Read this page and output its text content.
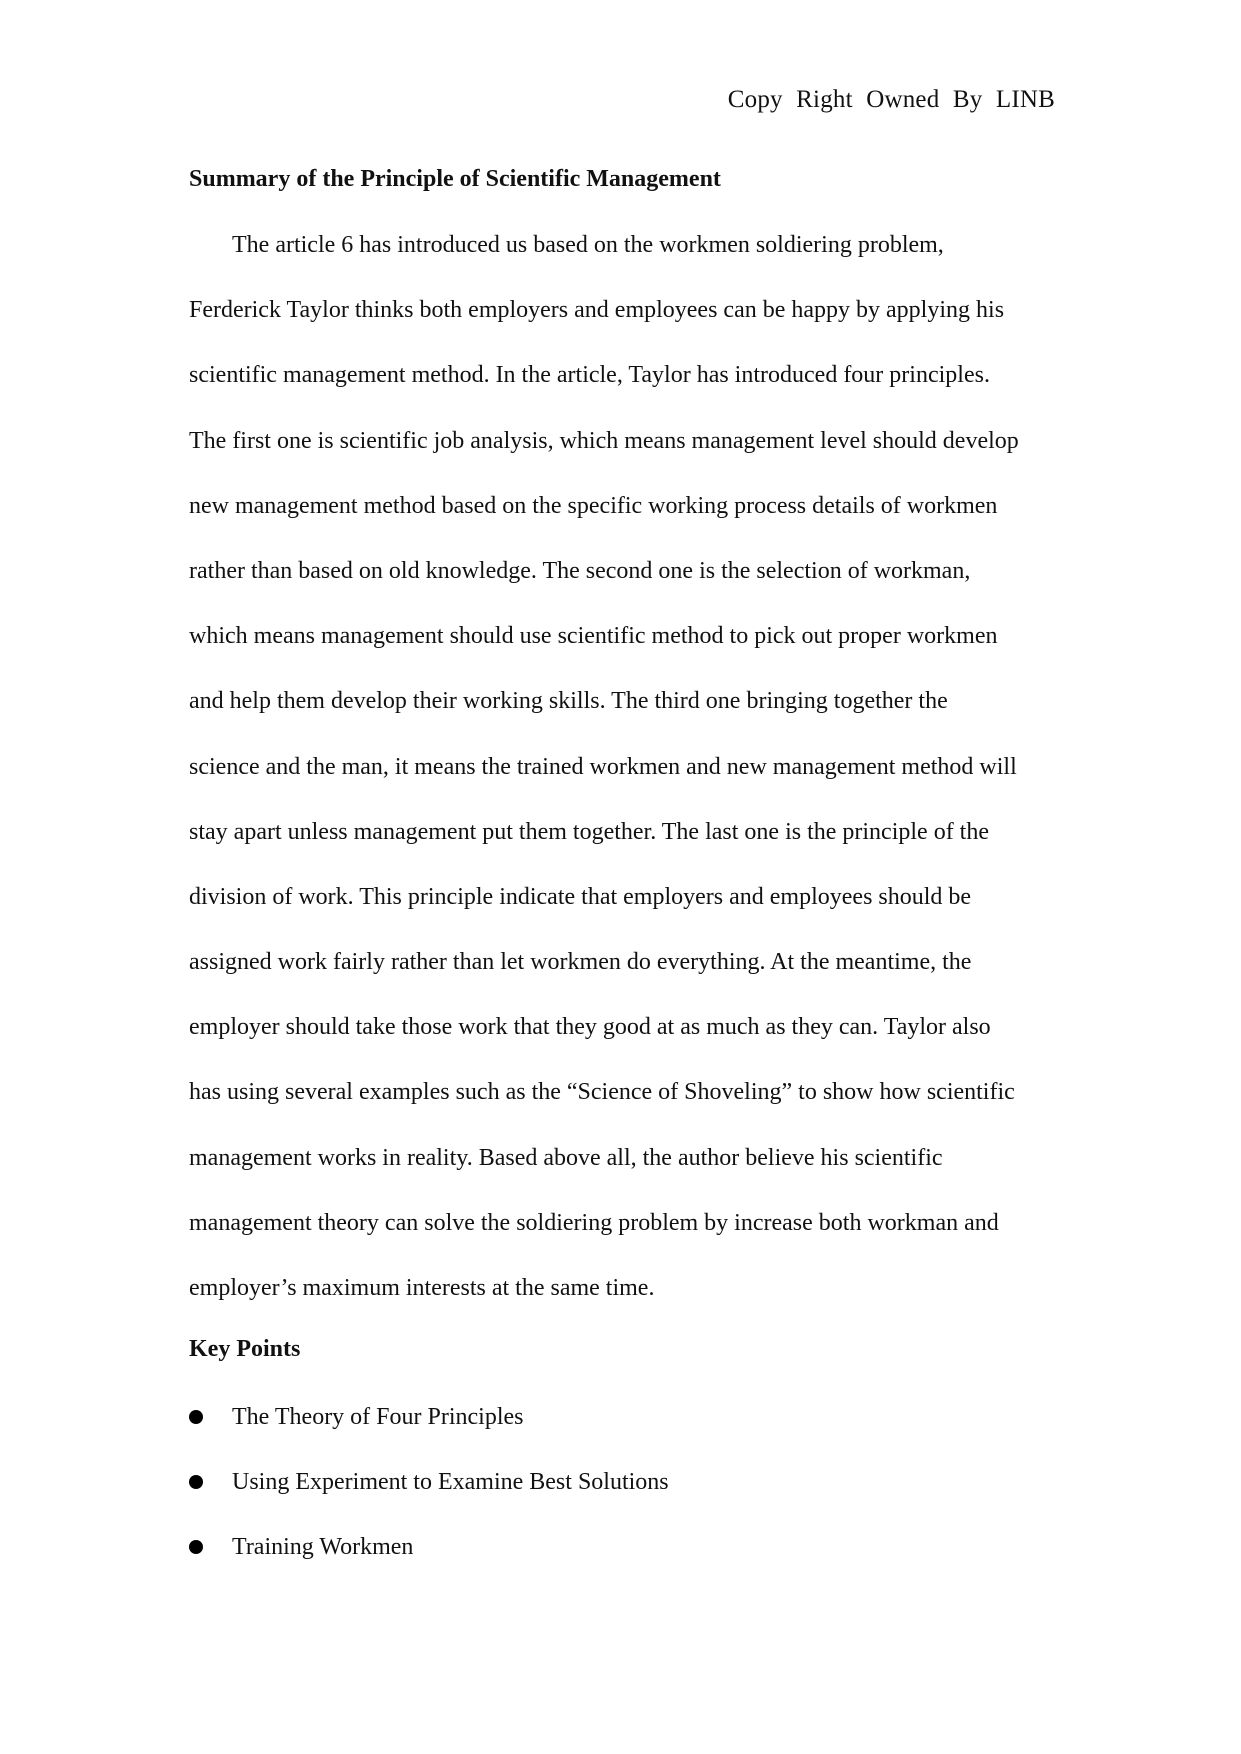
Copy Right Owned By LINB
Summary of the Principle of Scientific Management
The article 6 has introduced us based on the workmen soldiering problem,
Ferderick Taylor thinks both employers and employees can be happy by applying his
scientific management method. In the article, Taylor has introduced four principles.
The first one is scientific job analysis, which means management level should develop
new management method based on the specific working process details of workmen
rather than based on old knowledge. The second one is the selection of workman,
which means management should use scientific method to pick out proper workmen
and help them develop their working skills. The third one bringing together the
science and the man, it means the trained workmen and new management method will
stay apart unless management put them together. The last one is the principle of the
division of work. This principle indicate that employers and employees should be
assigned work fairly rather than let workmen do everything. At the meantime, the
employer should take those work that they good at as much as they can. Taylor also
has using several examples such as the “Science of Shoveling” to show how scientific
management works in reality. Based above all, the author believe his scientific
management theory can solve the soldiering problem by increase both workman and
employer’s maximum interests at the same time.
Key Points
The Theory of Four Principles
Using Experiment to Examine Best Solutions
Training Workmen
